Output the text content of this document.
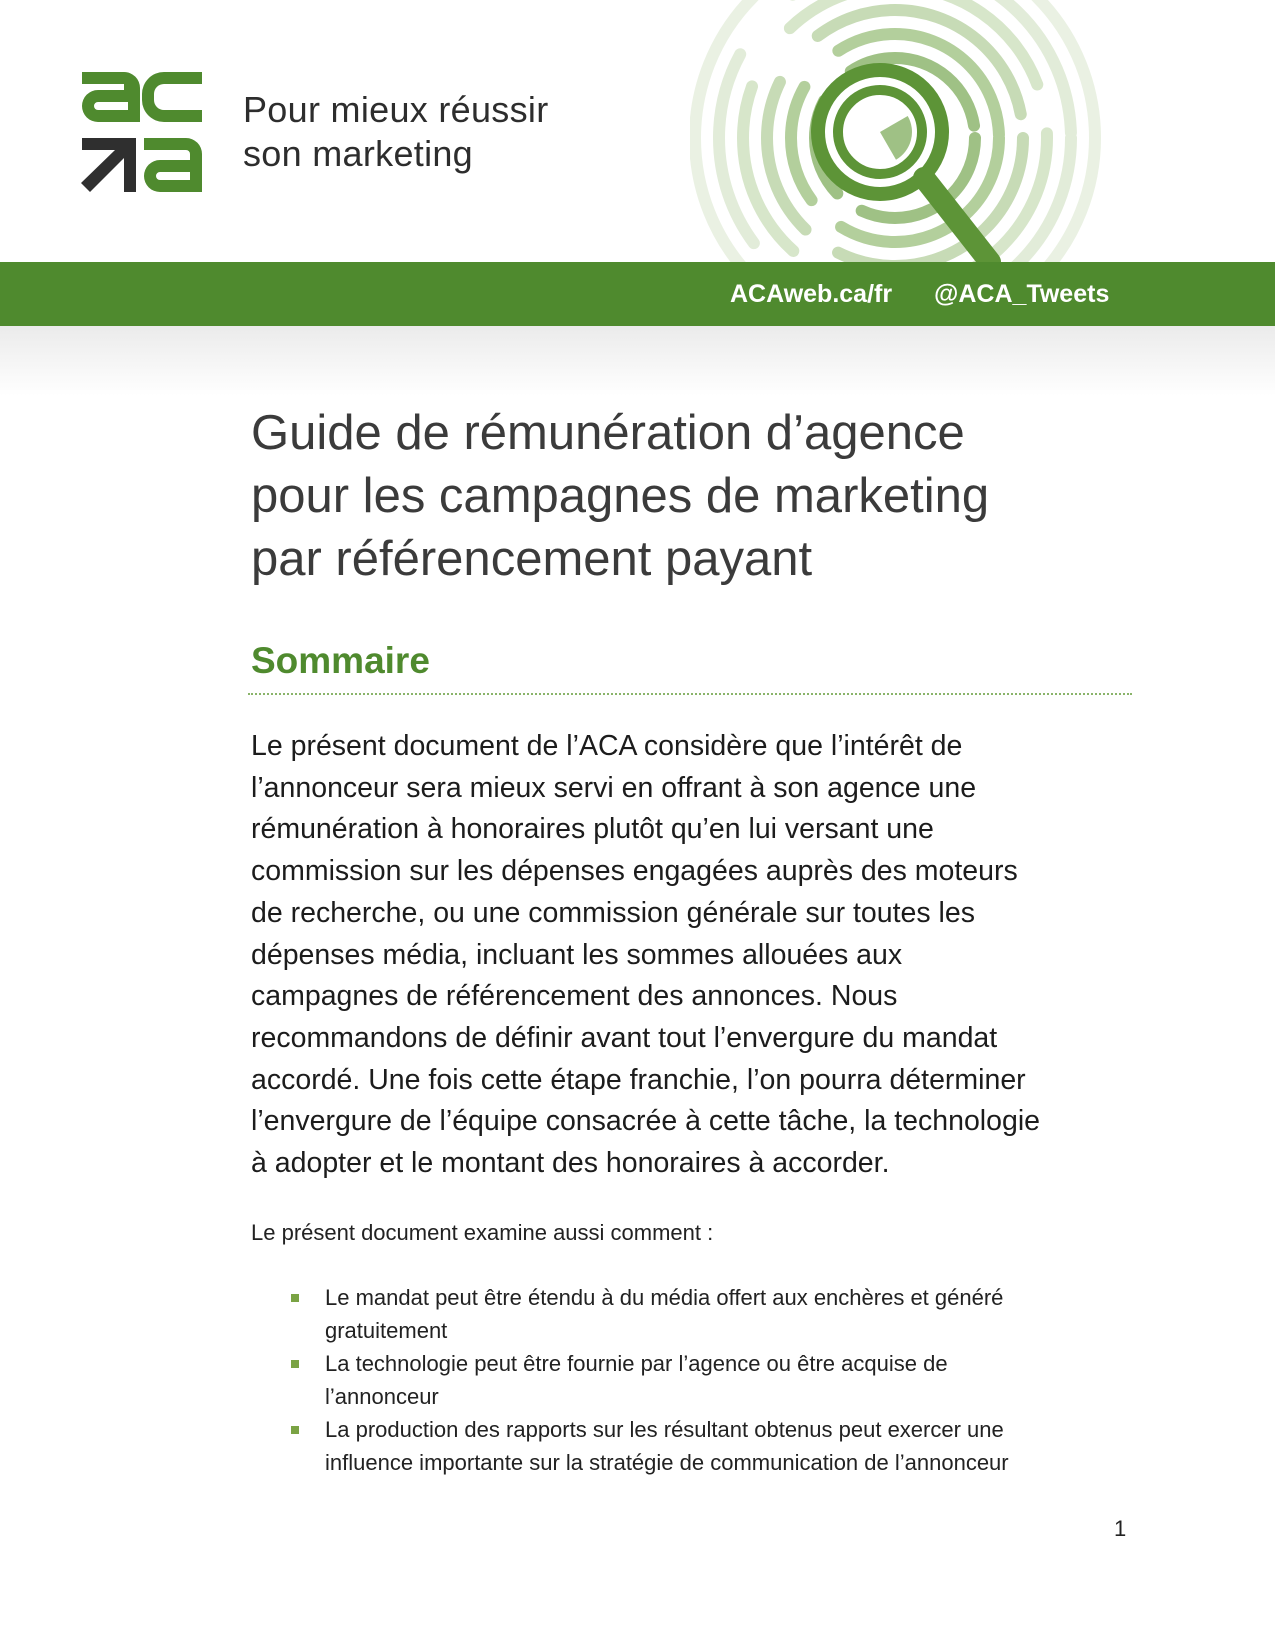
Pour mieux réussir
son marketing
ACAweb.ca/fr @ACA_Tweets
Guide de rémunération d’agence
pour les campagnes de marketing
par référencement payant
Sommaire
Le présent document de l’ACA considère que l’intérêt de
l’annonceur sera mieux servi en offrant à son agence une
rémunération à honoraires plutôt qu’en lui versant une
commission sur les dépenses engagées auprès des moteurs
de recherche, ou une commission générale sur toutes les
dépenses média, incluant les sommes allouées aux
campagnes de référencement des annonces. Nous
recommandons de définir avant tout l’envergure du mandat
accordé. Une fois cette étape franchie, l’on pourra déterminer
l’envergure de l’équipe consacrée à cette tâche, la technologie
à adopter et le montant des honoraires à accorder.

Le présent document examine aussi comment :

Le mandat peut être étendu à du média offert aux enchères et généré
gratuitement
La technologie peut être fournie par l’agence ou être acquise de
l’annonceur
La production des rapports sur les résultant obtenus peut exercer une
influence importante sur la stratégie de communication de l’annonceur
1
